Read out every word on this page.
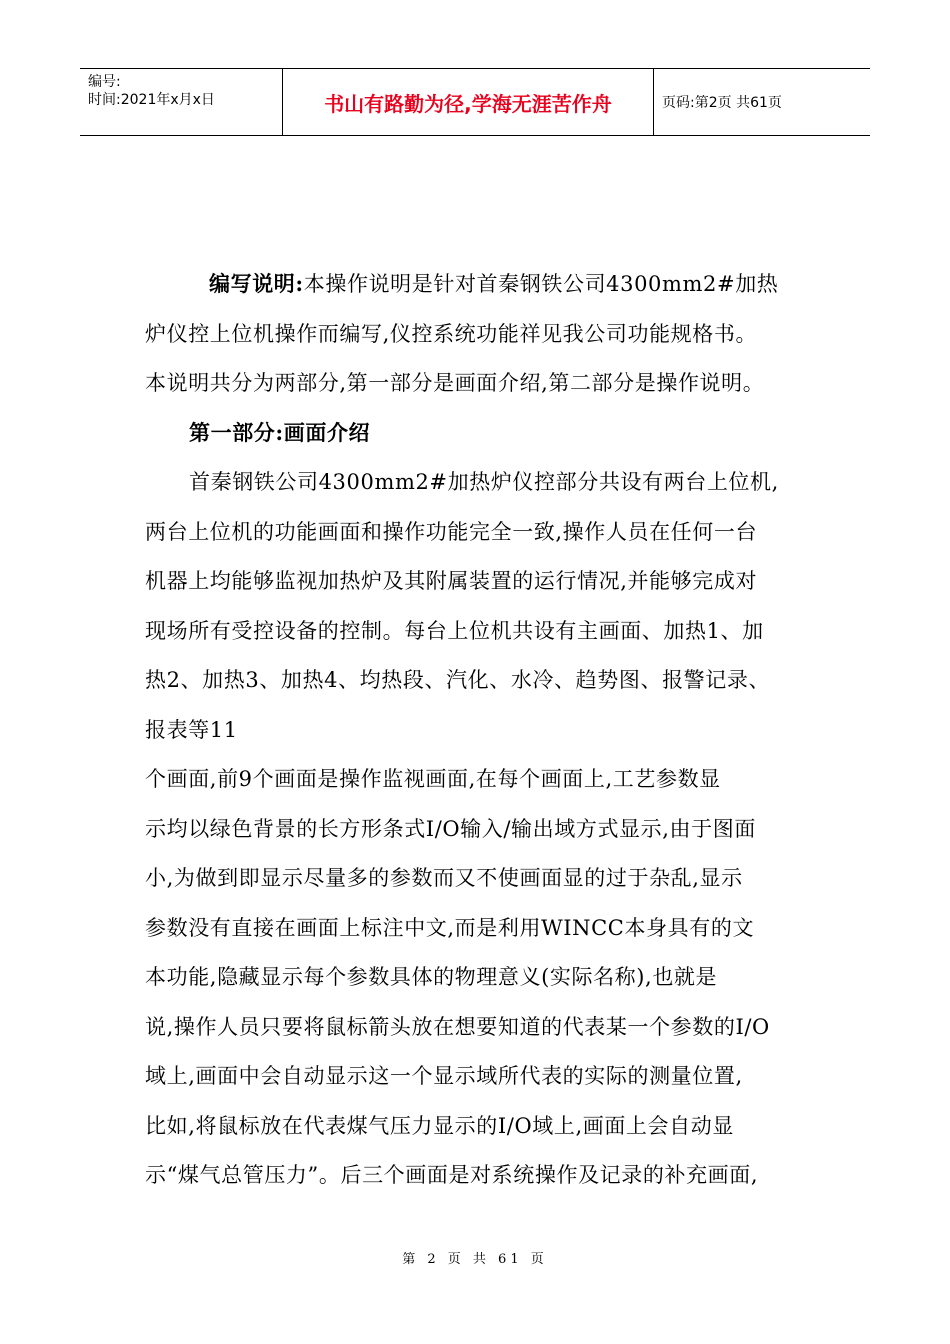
编号:
时间:2021年x月x日	书山有路勤为径,学海无涯苦作舟	页码:第2页 共61页
编写说明:本操作说明是针对首秦钢铁公司4300mm2#加热
炉仪控上位机操作而编写,仪控系统功能祥见我公司功能规格书。
本说明共分为两部分,第一部分是画面介绍,第二部分是操作说明。
第一部分:画面介绍
首秦钢铁公司4300mm2#加热炉仪控部分共设有两台上位机,
两台上位机的功能画面和操作功能完全一致,操作人员在任何一台
机器上均能够监视加热炉及其附属装置的运行情况,并能够完成对
现场所有受控设备的控制。每台上位机共设有主画面、加热1、加
热2、加热3、加热4、均热段、汽化、水冷、趋势图、报警记录、
报表等11
个画面,前9个画面是操作监视画面,在每个画面上,工艺参数显
示均以绿色背景的长方形条式I/O输入/输出域方式显示,由于图面
小,为做到即显示尽量多的参数而又不使画面显的过于杂乱,显示
参数没有直接在画面上标注中文,而是利用WINCC本身具有的文
本功能,隐藏显示每个参数具体的物理意义(实际名称),也就是
说,操作人员只要将鼠标箭头放在想要知道的代表某一个参数的I/O
域上,画面中会自动显示这一个显示域所代表的实际的测量位置,
比如,将鼠标放在代表煤气压力显示的I/O域上,画面上会自动显
示“煤气总管压力”。后三个画面是对系统操作及记录的补充画面,
第 2 页 共 61 页
